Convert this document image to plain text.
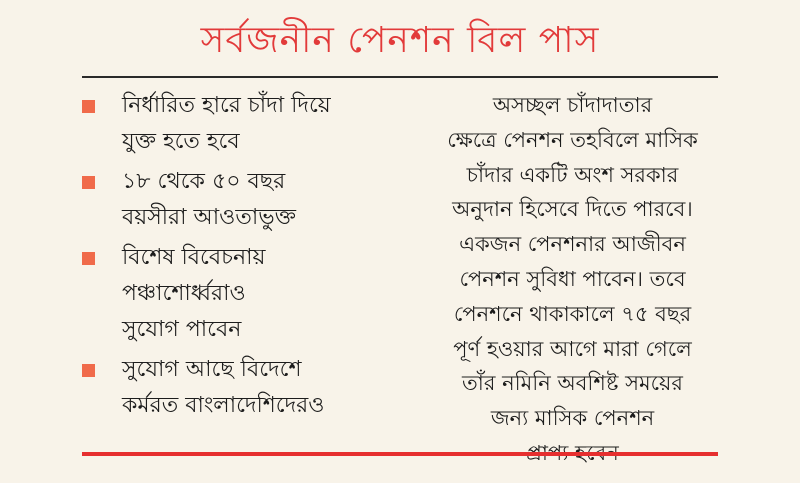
সর্বজনীন পেনশন বিল পাস
নির্ধারিত হারে চাঁদা দিয়ে
যুক্ত হতে হবে
১৮ থেকে ৫০ বছর
বয়সীরা আওতাভুক্ত
বিশেষ বিবেচনায়
পঞ্চাশোর্ধ্বরাও
সুযোগ পাবেন
সুযোগ আছে বিদেশে
কর্মরত বাংলাদেশিদেরও
অসচ্ছল চাঁদাদাতার
ক্ষেত্রে পেনশন তহবিলে মাসিক
চাঁদার একটি অংশ সরকার
অনুদান হিসেবে দিতে পারবে।
একজন পেনশনার আজীবন
পেনশন সুবিধা পাবেন। তবে
পেনশনে থাকাকালে ৭৫ বছর
পূর্ণ হওয়ার আগে মারা গেলে
তাঁর নমিনি অবশিষ্ট সময়ের
জন্য মাসিক পেনশন
